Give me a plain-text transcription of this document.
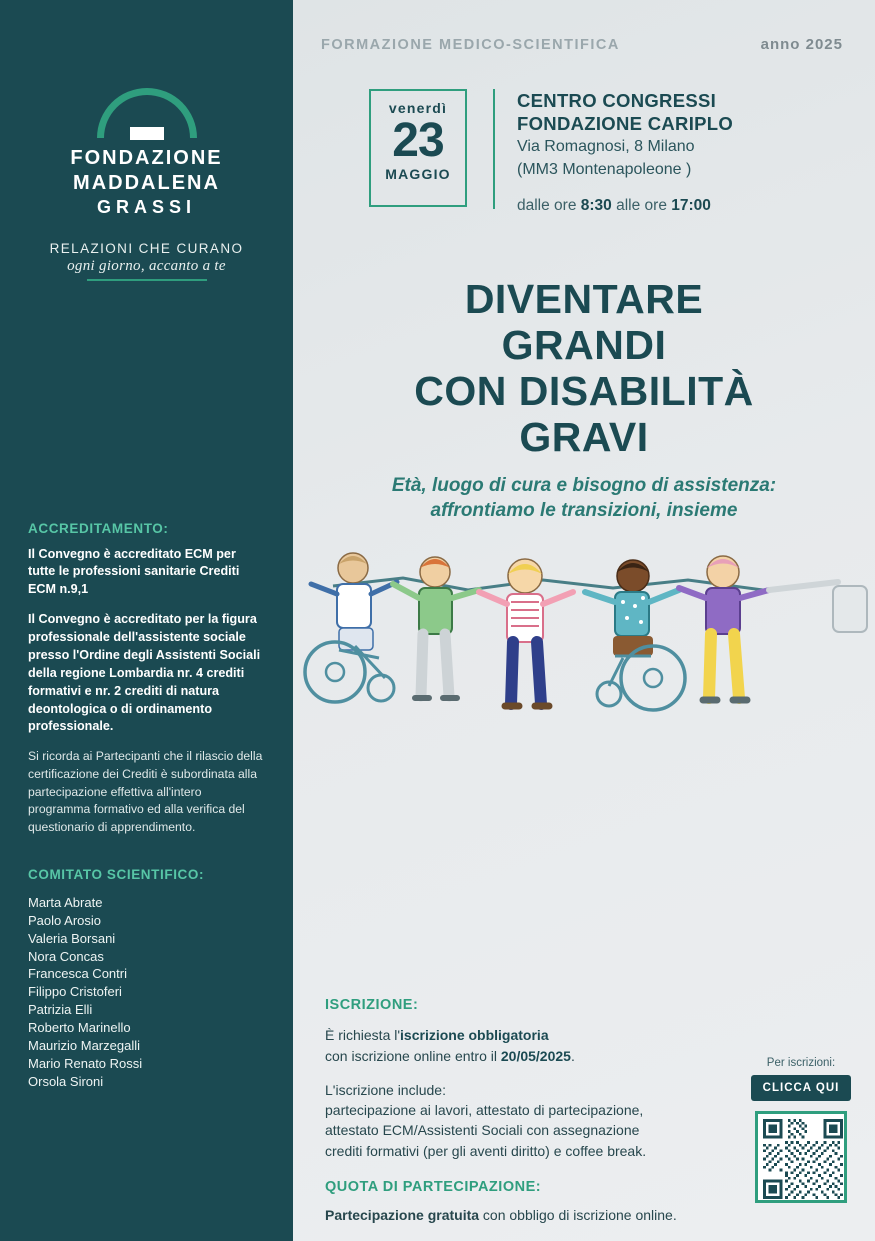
FONDAZIONE
MADDALENA
GRASSI
RELAZIONI CHE CURANO
ogni giorno, accanto a te
ACCREDITAMENTO:

Il Convegno è accreditato ECM per tutte le professioni sanitarie Crediti ECM n.9,1

Il Convegno è accreditato per la figura professionale dell'assistente sociale presso l'Ordine degli Assistenti Sociali della regione Lombardia nr. 4 crediti formativi e nr. 2 crediti di natura deontologica o di ordinamento professionale.

Si ricorda ai Partecipanti che il rilascio della certificazione dei Crediti è subordinata alla partecipazione effettiva all'intero programma formativo ed alla verifica del questionario di apprendimento.

COMITATO SCIENTIFICO:
Marta Abrate
Paolo Arosio
Valeria Borsani
Nora Concas
Francesca Contri
Filippo Cristoferi
Patrizia Elli
Roberto Marinello
Maurizio Marzegalli
Mario Renato Rossi
Orsola Sironi
FORMAZIONE MEDICO-SCIENTIFICA	anno 2025
venerdì
23
MAGGIO
CENTRO CONGRESSI
FONDAZIONE CARIPLO
Via Romagnosi, 8 Milano
(MM3 Montenapoleone )
dalle ore 8:30 alle ore 17:00
DIVENTARE
GRANDI
CON DISABILITÀ
GRAVI
Età, luogo di cura e bisogno di assistenza:
affrontiamo le transizioni, insieme
ISCRIZIONE:

È richiesta l'iscrizione obbligatoria

con iscrizione online entro il 20/05/2025.

L'iscrizione include:

partecipazione ai lavori, attestato di partecipazione,

attestato ECM/Assistenti Sociali con assegnazione

crediti formativi (per gli aventi diritto) e coffee break.

QUOTA DI PARTECIPAZIONE:

Partecipazione gratuita con obbligo di iscrizione online.

Per iscrizioni:
CLICCA QUI
